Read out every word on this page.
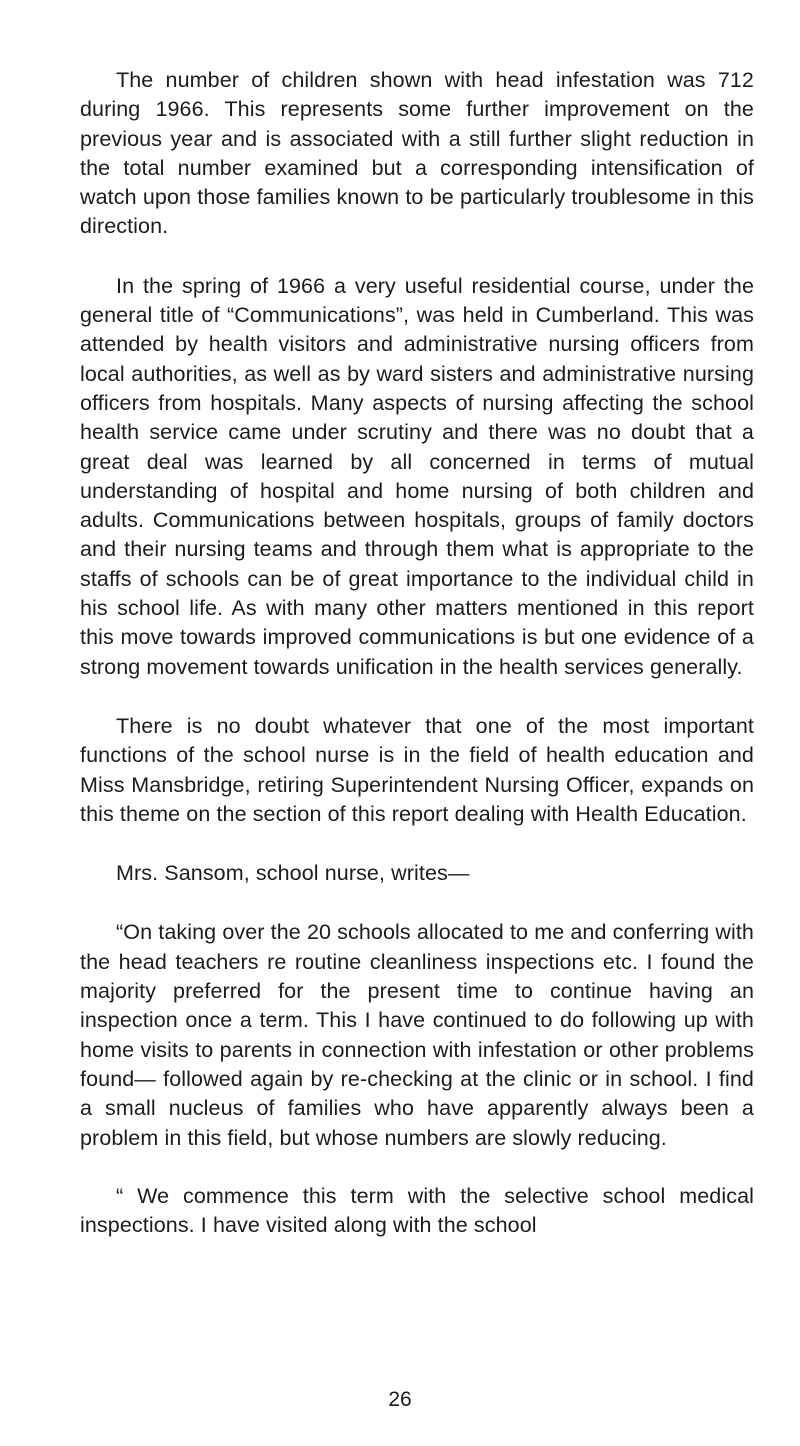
The number of children shown with head infestation was 712 during 1966. This represents some further improvement on the previous year and is associated with a still further slight reduction in the total number examined but a corresponding intensification of watch upon those families known to be particularly troublesome in this direction.

In the spring of 1966 a very useful residential course, under the general title of “Communications”, was held in Cumberland. This was attended by health visitors and administrative nursing officers from local authorities, as well as by ward sisters and administrative nursing officers from hospitals. Many aspects of nursing affecting the school health service came under scrutiny and there was no doubt that a great deal was learned by all concerned in terms of mutual understanding of hospital and home nursing of both children and adults. Communications between hospitals, groups of family doctors and their nursing teams and through them what is appropriate to the staffs of schools can be of great importance to the individual child in his school life. As with many other matters mentioned in this report this move towards improved communications is but one evidence of a strong movement towards unification in the health services generally.

There is no doubt whatever that one of the most important functions of the school nurse is in the field of health education and Miss Mansbridge, retiring Superintendent Nursing Officer, expands on this theme on the section of this report dealing with Health Education.

Mrs. Sansom, school nurse, writes—

“On taking over the 20 schools allocated to me and conferring with the head teachers re routine cleanliness inspections etc. I found the majority preferred for the present time to continue having an inspection once a term. This I have continued to do following up with home visits to parents in connection with infestation or other problems found— followed again by re-checking at the clinic or in school. I find a small nucleus of families who have apparently always been a problem in this field, but whose numbers are slowly reducing.

“ We commence this term with the selective school medical inspections. I have visited along with the school

26
